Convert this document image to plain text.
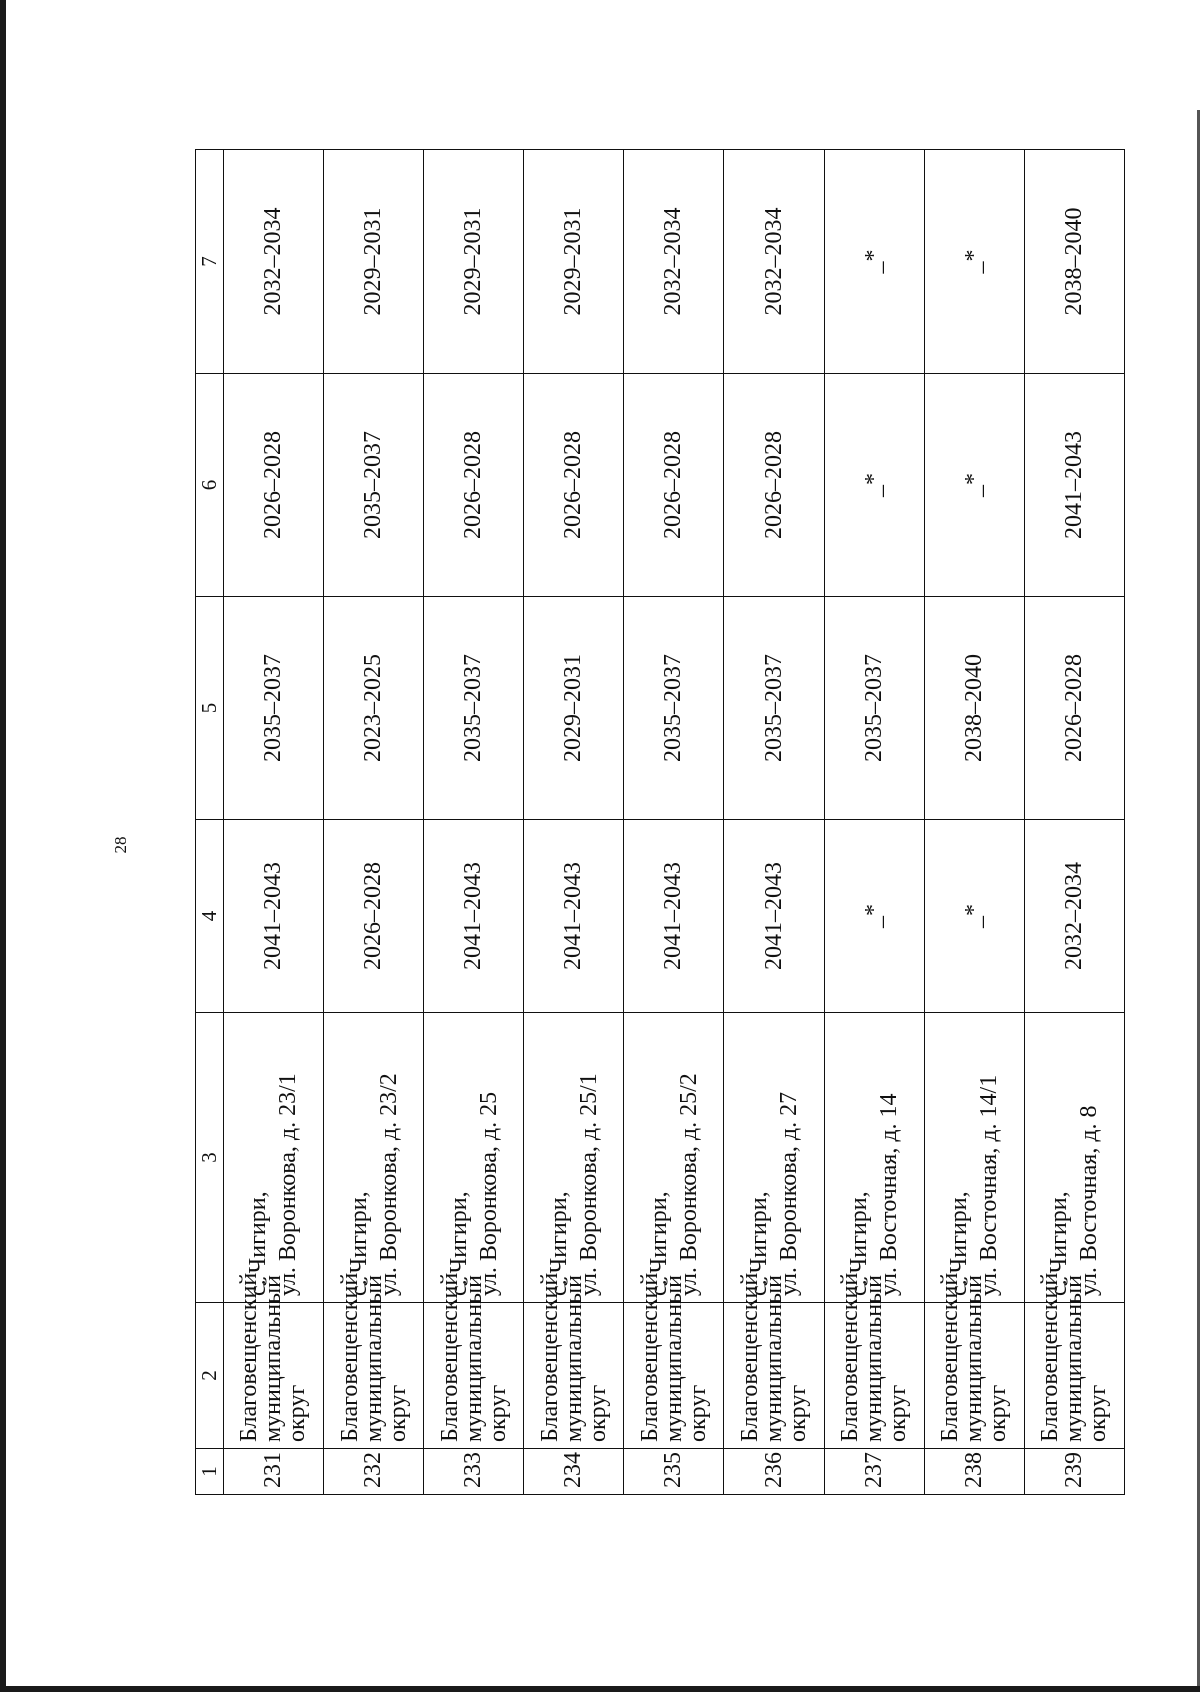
28
1	2	3	4	5	6	7
231	Благовещенский
муниципальный
округ	с. Чигири, ул. Воронкова, д. 23/1	2041–2043	2035–2037	2026–2028	2032–2034
232	Благовещенский
муниципальный
округ	с. Чигири, ул. Воронкова, д. 23/2	2026–2028	2023–2025	2035–2037	2029–2031
233	Благовещенский
муниципальный
округ	с. Чигири, ул. Воронкова, д. 25	2041–2043	2035–2037	2026–2028	2029–2031
234	Благовещенский
муниципальный
округ	с. Чигири, ул. Воронкова, д. 25/1	2041–2043	2029–2031	2026–2028	2029–2031
235	Благовещенский
муниципальный
округ	с. Чигири, ул. Воронкова, д. 25/2	2041–2043	2035–2037	2026–2028	2032–2034
236	Благовещенский
муниципальный
округ	с. Чигири, ул. Воронкова, д. 27	2041–2043	2035–2037	2026–2028	2032–2034
237	Благовещенский
муниципальный
округ	с. Чигири, ул. Восточная, д. 14	_*	2035–2037	_*	_*
238	Благовещенский
муниципальный
округ	с. Чигири, ул. Восточная, д. 14/1	_*	2038–2040	_*	_*
239	Благовещенский
муниципальный
округ	с. Чигири, ул. Восточная, д. 8	2032–2034	2026–2028	2041–2043	2038–2040
